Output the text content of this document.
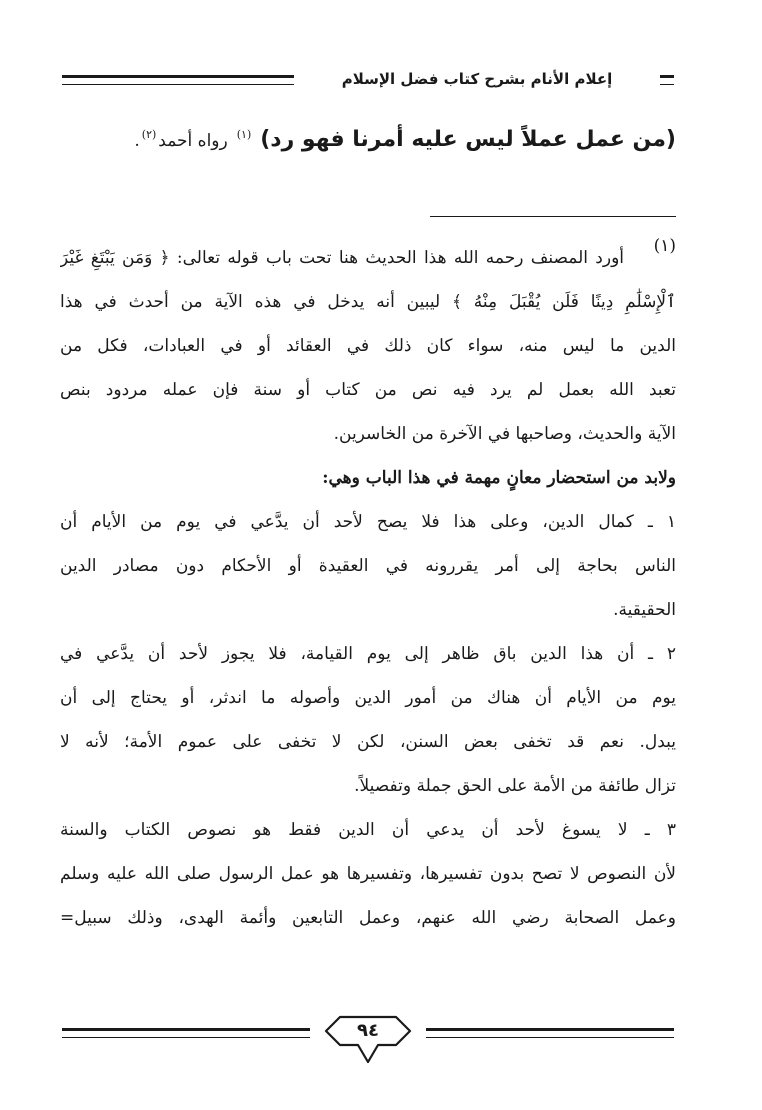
إعلام الأنام بشرح كتاب فضل الإسلام
(من عمل عملاً ليس عليه أمرنا فهو رد) $^{(١)}$ رواه أحمد$^{(٢)}$.
(١)
أورد المصنف رحمه الله هذا الحديث هنا تحت باب قوله تعالى: ﴿ وَمَن يَبْتَغِ غَيْرَ
ٱلْإِسْلَٰمِ دِينًا فَلَن يُقْبَلَ مِنْهُ ﴾ ليبين أنه يدخل في هذه الآية من أحدث في هذا
الدين ما ليس منه، سواء كان ذلك في العقائد أو في العبادات، فكل من
تعبد الله بعمل لم يرد فيه نص من كتاب أو سنة فإن عمله مردود بنص
الآية والحديث، وصاحبها في الآخرة من الخاسرين.
ولابد من استحضار معانٍ مهمة في هذا الباب وهي:
١ ـ كمال الدين، وعلى هذا فلا يصح لأحد أن يدَّعي في يوم من الأيام أن
الناس بحاجة إلى أمر يقررونه في العقيدة أو الأحكام دون مصادر الدين
الحقيقية.
٢ ـ أن هذا الدين باق ظاهر إلى يوم القيامة، فلا يجوز لأحد أن يدَّعي في
يوم من الأيام أن هناك من أمور الدين وأصوله ما اندثر، أو يحتاج إلى أن
يبدل. نعم قد تخفى بعض السنن، لكن لا تخفى على عموم الأمة؛ لأنه لا
تزال طائفة من الأمة على الحق جملة وتفصيلاً.
٣ ـ لا يسوغ لأحد أن يدعي أن الدين فقط هو نصوص الكتاب والسنة
لأن النصوص لا تصح بدون تفسيرها، وتفسيرها هو عمل الرسول صلى الله عليه وسلم
وعمل الصحابة رضي الله عنهم، وعمل التابعين وأئمة الهدى، وذلك سبيل=
٩٤
